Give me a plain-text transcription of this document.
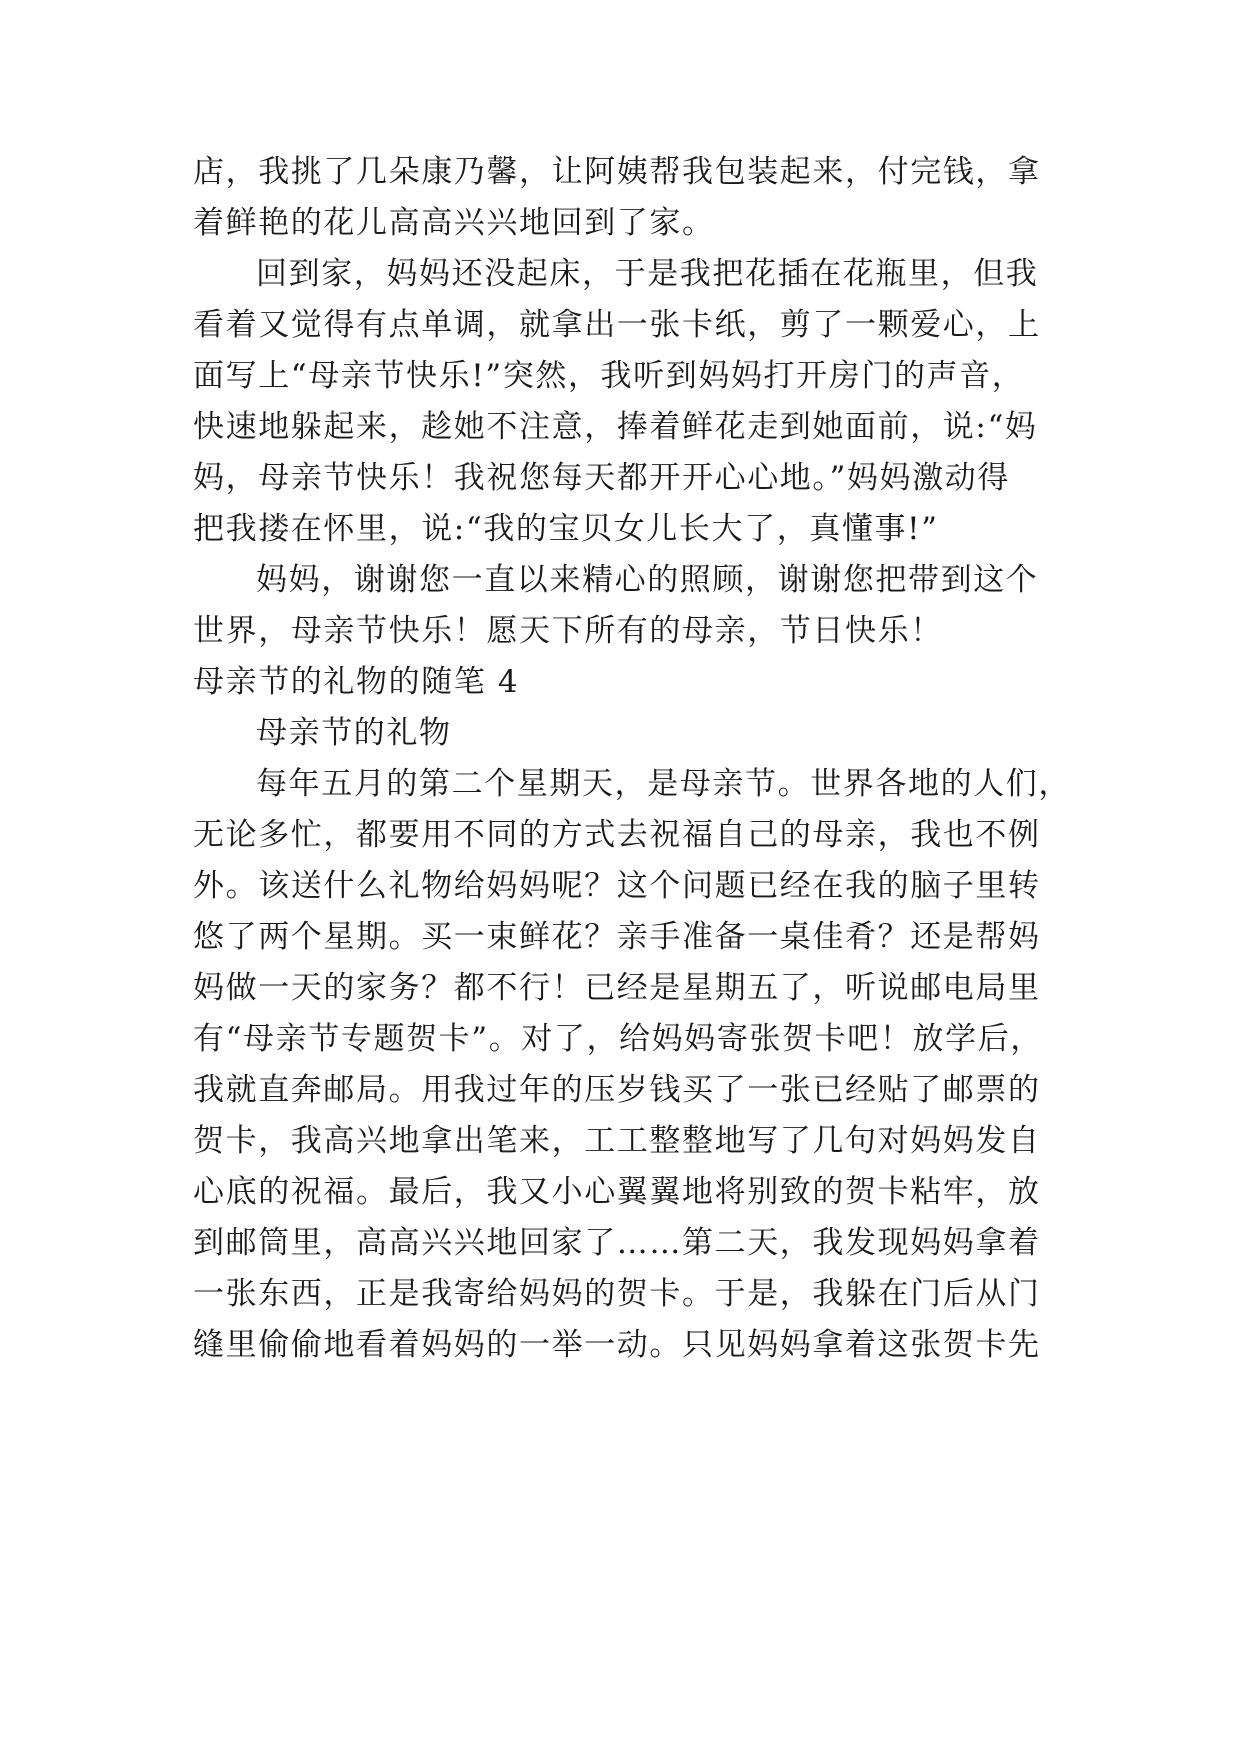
店，我挑了几朵康乃馨，让阿姨帮我包装起来，付完钱，拿
着鲜艳的花儿高高兴兴地回到了家。
回到家，妈妈还没起床，于是我把花插在花瓶里，但我
看着又觉得有点单调，就拿出一张卡纸，剪了一颗爱心，上
面写上“母亲节快乐!”突然，我听到妈妈打开房门的声音，
快速地躲起来，趁她不注意，捧着鲜花走到她面前，说:“妈
妈，母亲节快乐！我祝您每天都开开心心地。”妈妈激动得
把我搂在怀里，说:“我的宝贝女儿长大了，真懂事!”
妈妈，谢谢您一直以来精心的照顾，谢谢您把带到这个
世界，母亲节快乐！愿天下所有的母亲，节日快乐！
母亲节的礼物的随笔 4
母亲节的礼物
每年五月的第二个星期天，是母亲节。世界各地的人们，
无论多忙，都要用不同的方式去祝福自己的母亲，我也不例
外。该送什么礼物给妈妈呢？这个问题已经在我的脑子里转
悠了两个星期。买一束鲜花？亲手准备一桌佳肴？还是帮妈
妈做一天的家务？都不行！已经是星期五了，听说邮电局里
有“母亲节专题贺卡”。对了，给妈妈寄张贺卡吧！放学后，
我就直奔邮局。用我过年的压岁钱买了一张已经贴了邮票的
贺卡，我高兴地拿出笔来，工工整整地写了几句对妈妈发自
心底的祝福。最后，我又小心翼翼地将别致的贺卡粘牢，放
到邮筒里，高高兴兴地回家了……第二天，我发现妈妈拿着
一张东西，正是我寄给妈妈的贺卡。于是，我躲在门后从门
缝里偷偷地看着妈妈的一举一动。只见妈妈拿着这张贺卡先
